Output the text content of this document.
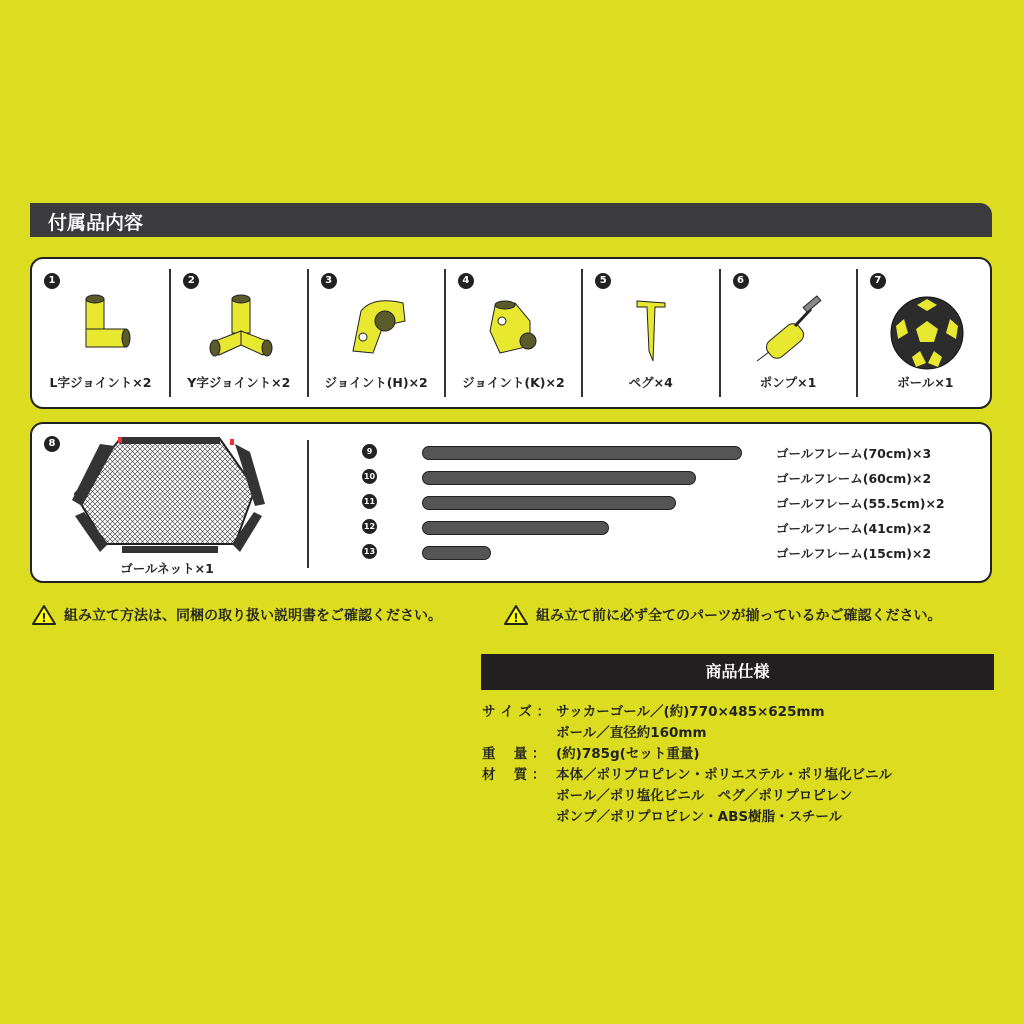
付属品内容
1
L字ジョイント×2
2
Y字ジョイント×2
3
ジョイント(H)×2
4
ジョイント(K)×2
5
ペグ×4
6
ポンプ×1
7
ボール×1
8
ゴールネット×1
9	ゴールフレーム(70cm)×3
10	ゴールフレーム(60cm)×2
11	ゴールフレーム(55.5cm)×2
12	ゴールフレーム(41cm)×2
13	ゴールフレーム(15cm)×2
! 組み立て方法は、同梱の取り扱い説明書をご確認ください。	! 組み立て前に必ず全てのパーツが揃っているかご確認ください。
商品仕様
サ イ ズ ： サッカーゴール／(約)770×485×625mm
ボール／直径約160mm
重　 量 ： (約)785g(セット重量)
材　 質 ： 本体／ポリプロピレン・ポリエステル・ポリ塩化ビニル
ボール／ポリ塩化ビニル　ペグ／ポリプロピレン
ポンプ／ポリプロピレン・ABS樹脂・スチール
